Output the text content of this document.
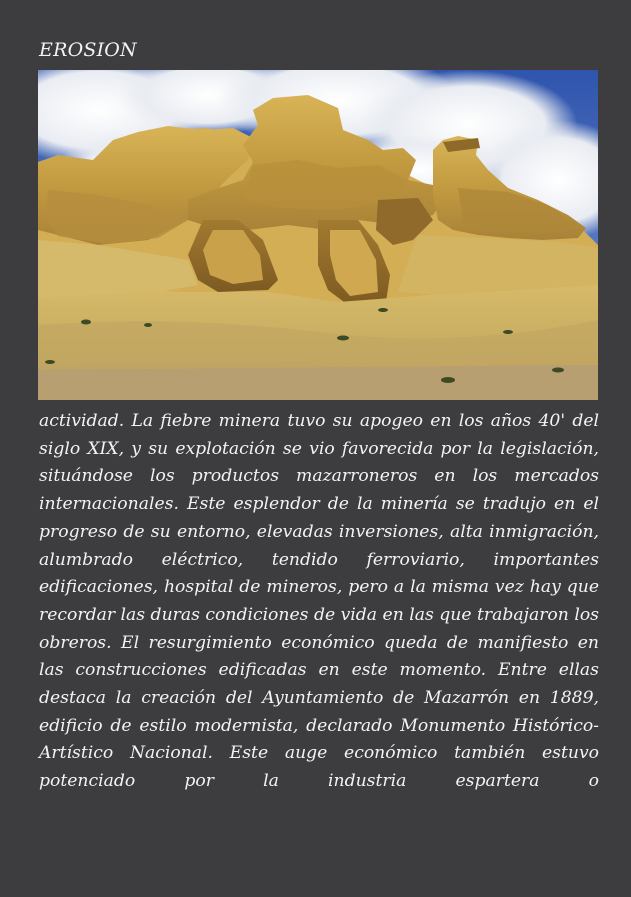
EROSION

actividad. La fiebre minera tuvo su apogeo en los años 40' del siglo XIX, y su explotación se vio favorecida por la legislación, situándose los productos mazarroneros en los mercados internacionales. Este esplendor de la minería se tradujo en el progreso de su entorno, elevadas inversiones, alta inmigración, alumbrado eléctrico, tendido ferroviario, importantes edificaciones, hospital de mineros, pero a la misma vez hay que recordar las duras condiciones de vida en las que trabajaron los obreros. El resurgimiento económico queda de manifiesto en las construcciones edificadas en este momento. Entre ellas destaca la creación del Ayuntamiento de Mazarrón en 1889, edificio de estilo modernista, declarado Monumento Histórico-Artístico Nacional. Este auge económico también estuvo potenciado por la industria espartera o
